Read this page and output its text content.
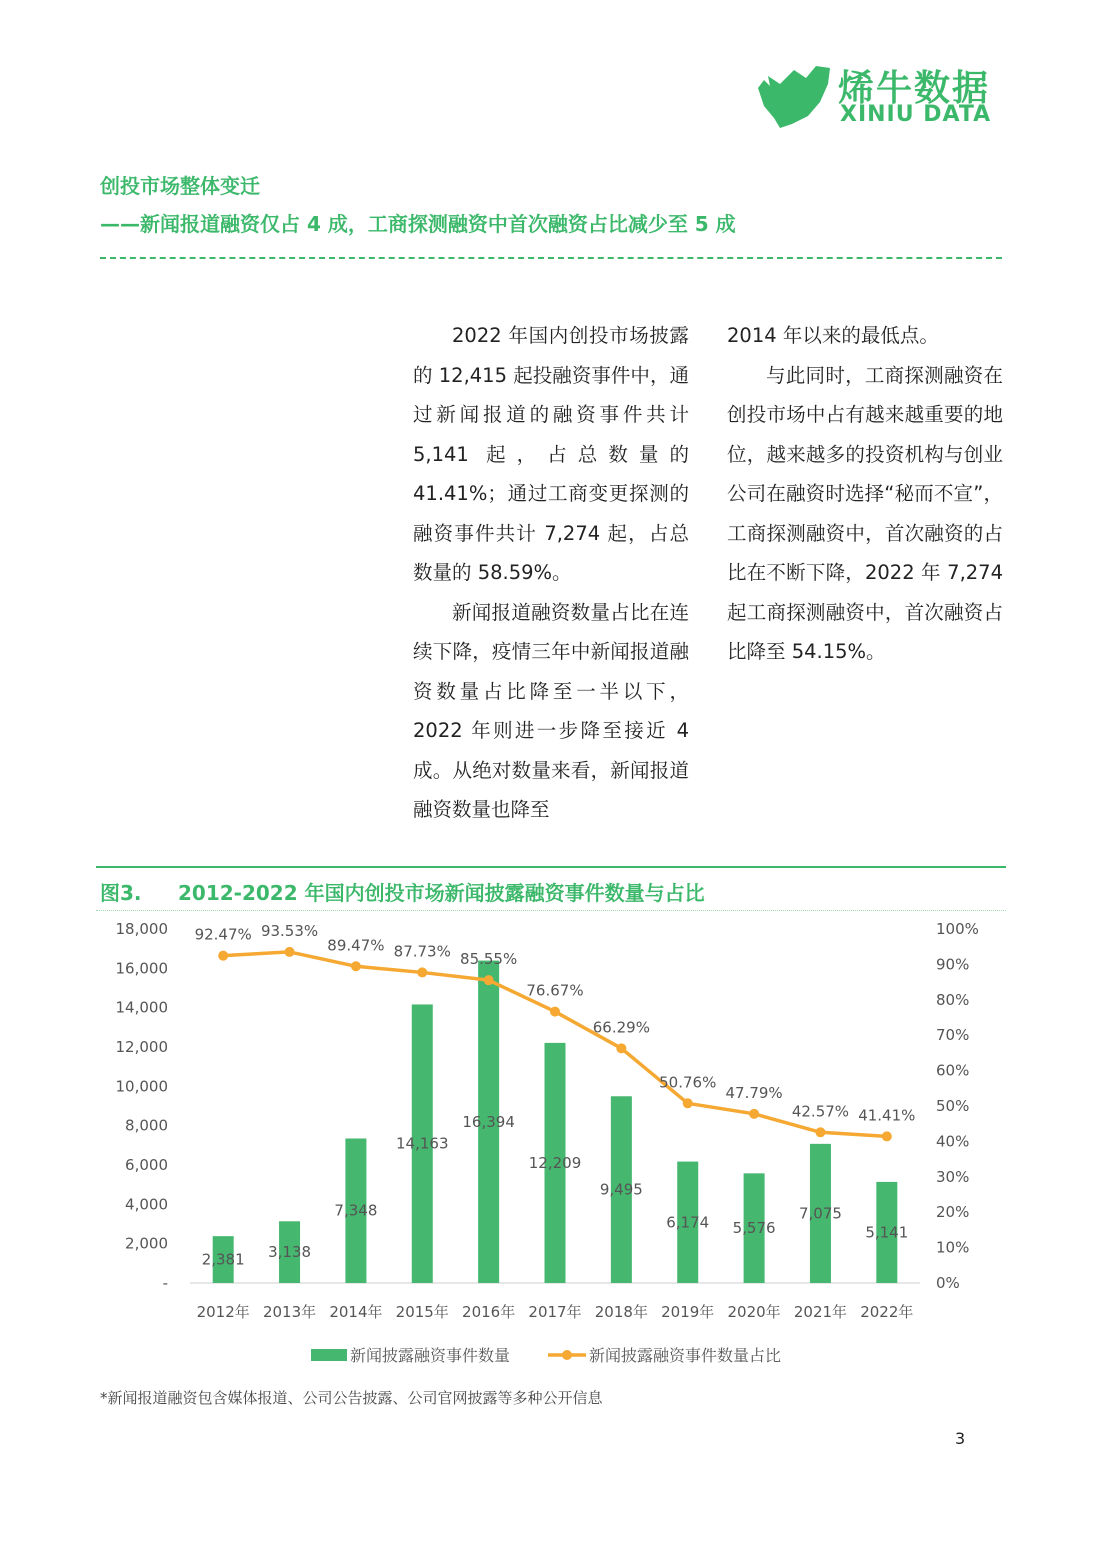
烯牛数据
XINIU DATA
创投市场整体变迁
——新闻报道融资仅占 4 成，工商探测融资中首次融资占比减少至 5 成

2022 年国内创投市场披露的 12,415 起投融资事件中，通过新闻报道的融资事件共计 5,141 起，占总数量的 41.41%；通过工商变更探测的融资事件共计 7,274 起，占总数量的 58.59%。

新闻报道融资数量占比在连续下降，疫情三年中新闻报道融资数量占比降至一半以下，2022 年则进一步降至接近 4 成。从绝对数量来看，新闻报道融资数量也降至

2014 年以来的最低点。

与此同时，工商探测融资在创投市场中占有越来越重要的地位，越来越多的投资机构与创业公司在融资时选择“秘而不宣”，工商探测融资中，首次融资的占比在不断下降，2022 年 7,274 起工商探测融资中，首次融资占比降至 54.15%。

图3. 2012-2022 年国内创投市场新闻披露融资事件数量与占比
-
2,000
4,000
6,000
8,000
10,000
12,000
14,000
16,000
18,000
0%
10%
20%
30%
40%
50%
60%
70%
80%
90%
100%
2,381 3,138
7,348
14,163
16,394
12,209
9,495
6,174 5,576
7,075
5,141
2012年 2013年 2014年 2015年 2016年 2017年 2018年 2019年 2020年 2021年 2022年
92.47% 93.53%
89.47% 87.73% 85.55%
76.67%
66.29%
50.76%
47.79%
42.57% 41.41%
新闻披露融资事件数量	新闻披露融资事件数量占比
*新闻报道融资包含媒体报道、公司公告披露、公司官网披露等多种公开信息
3
